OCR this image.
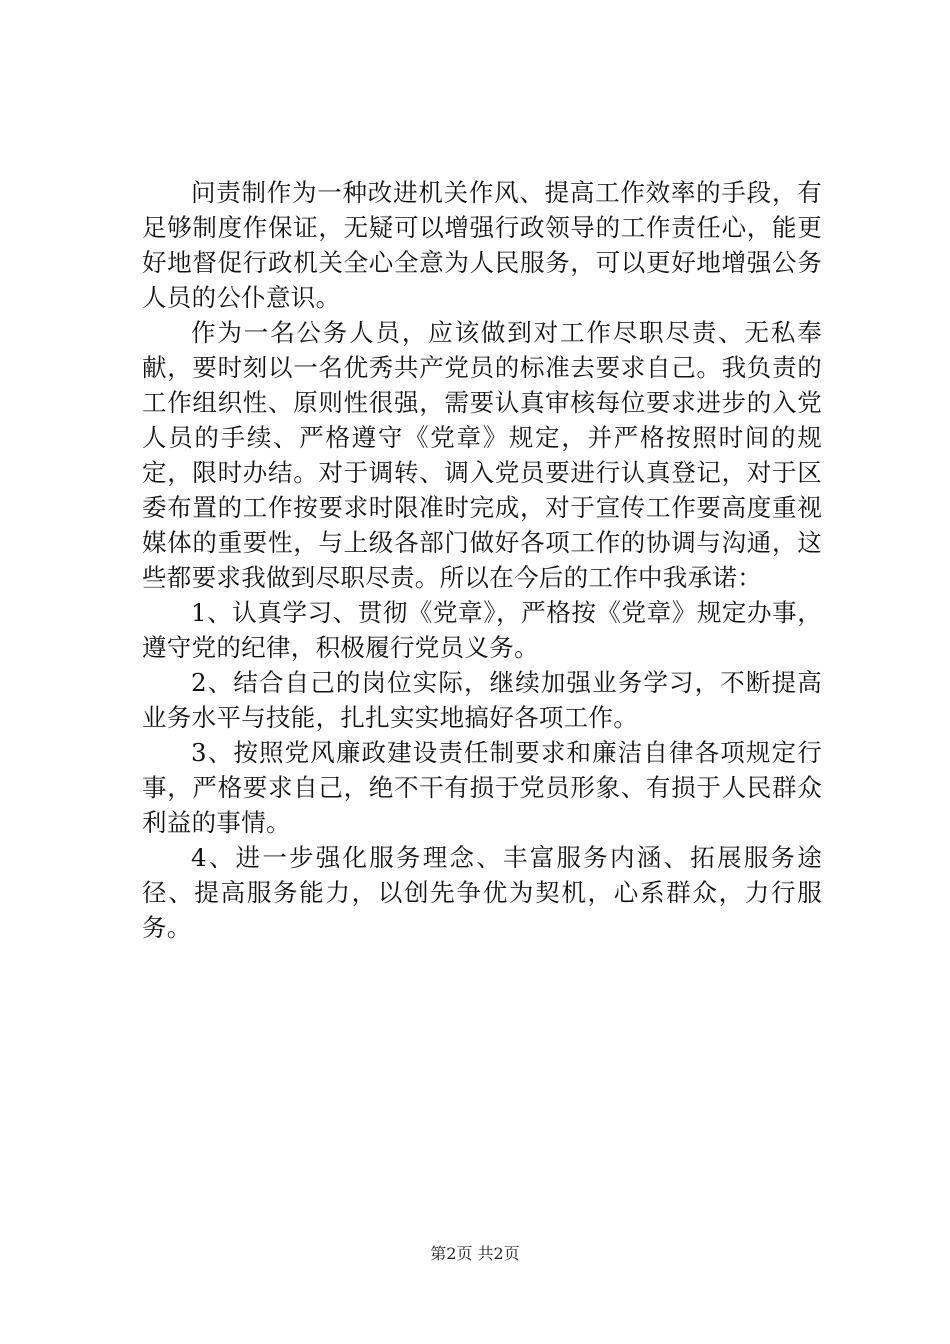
问责制作为一种改进机关作风、提高工作效率的手段，有足够制度作保证，无疑可以增强行政领导的工作责任心，能更好地督促行政机关全心全意为人民服务，可以更好地增强公务人员的公仆意识。

作为一名公务人员，应该做到对工作尽职尽责、无私奉献，要时刻以一名优秀共产党员的标准去要求自己。我负责的工作组织性、原则性很强，需要认真审核每位要求进步的入党人员的手续、严格遵守《党章》规定，并严格按照时间的规定，限时办结。对于调转、调入党员要进行认真登记，对于区委布置的工作按要求时限准时完成，对于宣传工作要高度重视媒体的重要性，与上级各部门做好各项工作的协调与沟通，这些都要求我做到尽职尽责。所以在今后的工作中我承诺：

1、认真学习、贯彻《党章》，严格按《党章》规定办事，遵守党的纪律，积极履行党员义务。

2、结合自己的岗位实际，继续加强业务学习，不断提高业务水平与技能，扎扎实实地搞好各项工作。

3、按照党风廉政建设责任制要求和廉洁自律各项规定行事，严格要求自己，绝不干有损于党员形象、有损于人民群众利益的事情。

4、进一步强化服务理念、丰富服务内涵、拓展服务途径、提高服务能力，以创先争优为契机，心系群众，力行服务。

第2页 共2页
